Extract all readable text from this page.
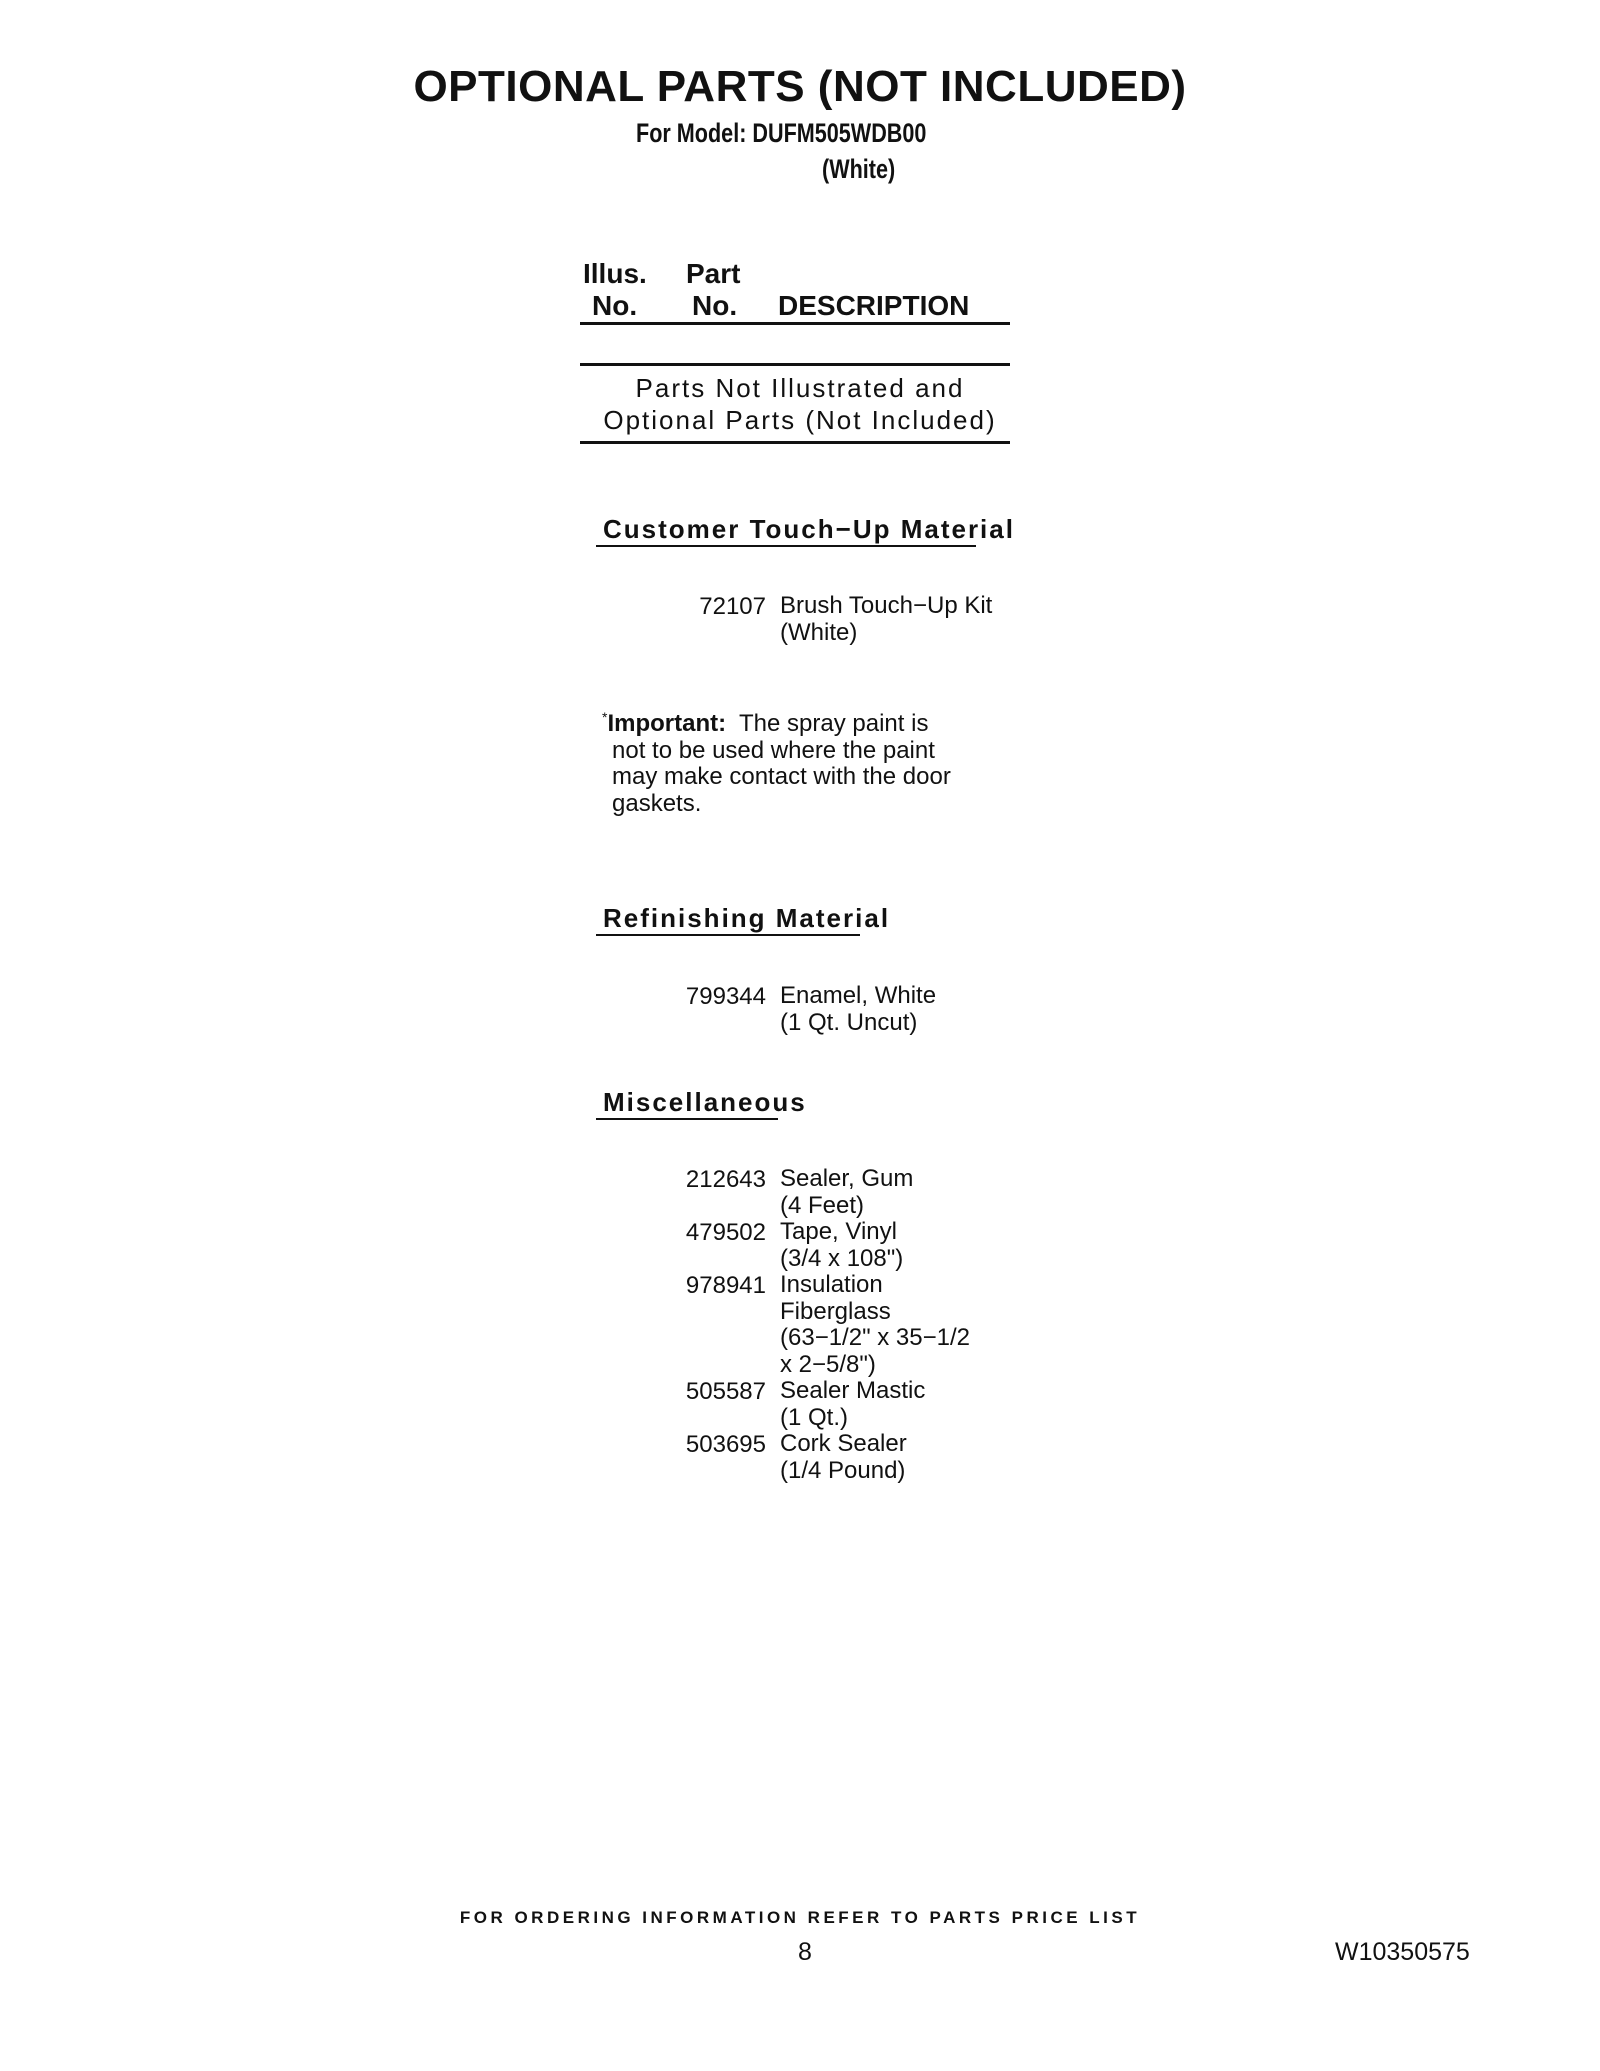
OPTIONAL PARTS (NOT INCLUDED)
For Model: DUFM505WDB00
(White)
Illus.
No.
Part
No. DESCRIPTION
Parts Not Illustrated and
Optional Parts (Not Included)
Customer Touch−Up Material
72107 Brush Touch−Up Kit
(White)
*Important: The spray paint is
not to be used where the paint
may make contact with the door
gaskets.
Refinishing Material
799344 Enamel, White
(1 Qt. Uncut)
Miscellaneous
212643 Sealer, Gum
(4 Feet)
479502 Tape, Vinyl
(3/4 x 108")
978941 Insulation
Fiberglass
(63−1/2" x 35−1/2
x 2−5/8")
505587 Sealer Mastic
(1 Qt.)
503695 Cork Sealer
(1/4 Pound)
FOR ORDERING INFORMATION REFER TO PARTS PRICE LIST
8	W10350575
